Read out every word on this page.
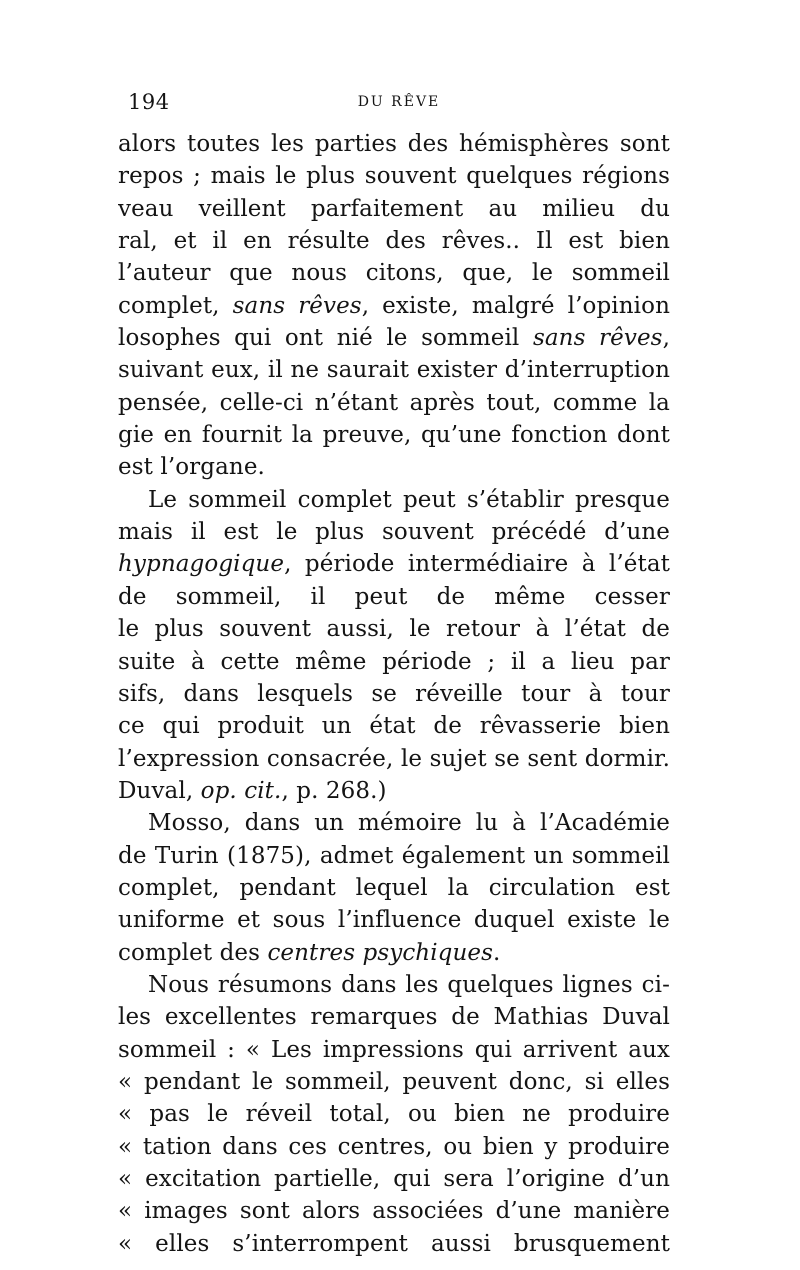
194	DU RÊVE
alors toutes les parties des hémisphères sont
repos ; mais le plus souvent quelques régions
veau veillent parfaitement au milieu du
ral, et il en résulte des rêves.. Il est bien
l’auteur que nous citons, que, le sommeil
complet, sans rêves, existe, malgré l’opinion
losophes qui ont nié le sommeil sans rêves,
suivant eux, il ne saurait exister d’interruption
pensée, celle-ci n’étant après tout, comme la
gie en fournit la preuve, qu’une fonction dont
est l’organe.
Le sommeil complet peut s’établir presque
mais il est le plus souvent précédé d’une
hypnagogique, période intermédiaire à l’état
de sommeil, il peut de même cesser
le plus souvent aussi, le retour à l’état de
suite à cette même période ; il a lieu par
sifs, dans lesquels se réveille tour à tour
ce qui produit un état de rêvasserie bien
l’expression consacrée, le sujet se sent dormir.
Duval, op. cit., p. 268.)
Mosso, dans un mémoire lu à l’Académie
de Turin (1875), admet également un sommeil
complet, pendant lequel la circulation est
uniforme et sous l’influence duquel existe le
complet des centres psychiques.
Nous résumons dans les quelques lignes ci-
les excellentes remarques de Mathias Duval
sommeil : « Les impressions qui arrivent aux
« pendant le sommeil, peuvent donc, si elles
« pas le réveil total, ou bien ne produire
« tation dans ces centres, ou bien y produire
« excitation partielle, qui sera l’origine d’un
« images sont alors associées d’une manière
« elles s’interrompent aussi brusquement
